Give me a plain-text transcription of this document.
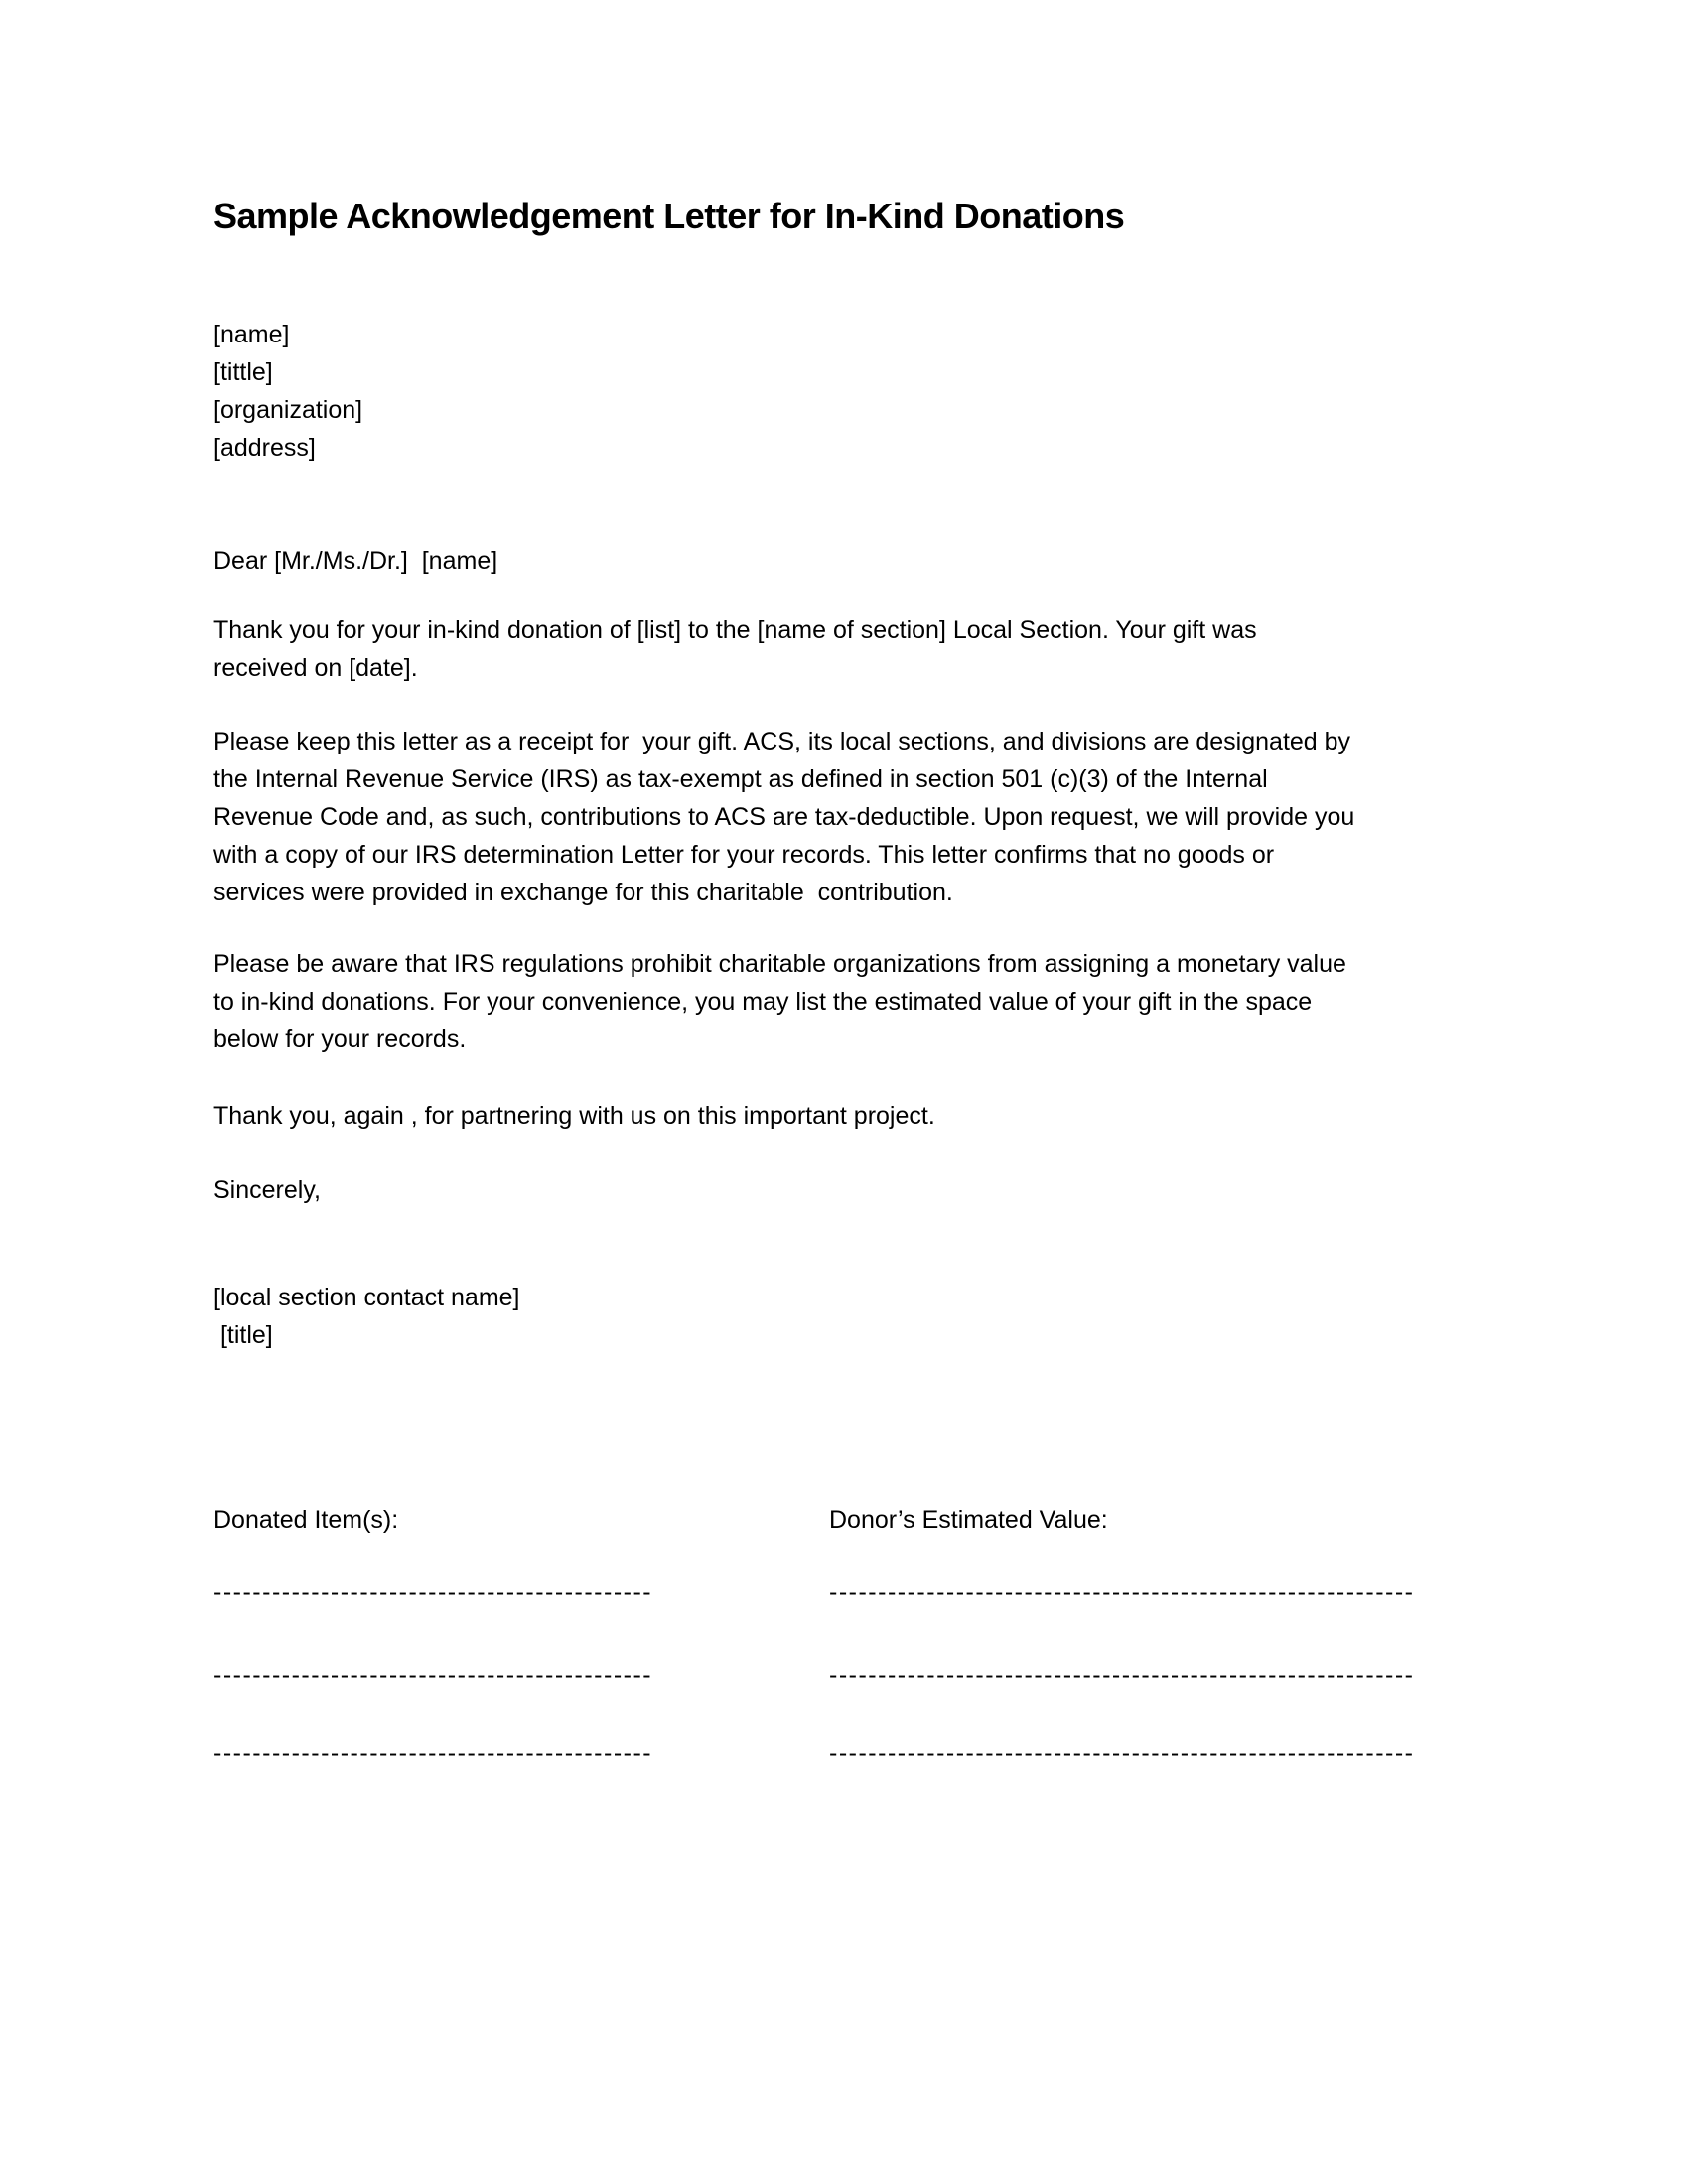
Sample Acknowledgement Letter for In-Kind Donations
[name]
[tittle]
[organization]
[address]
Dear [Mr./Ms./Dr.]  [name]
Thank you for your in-kind donation of [list] to the [name of section] Local Section. Your gift was
received on [date].
Please keep this letter as a receipt for  your gift. ACS, its local sections, and divisions are designated by
the Internal Revenue Service (IRS) as tax-exempt as defined in section 501 (c)(3) of the Internal
Revenue Code and, as such, contributions to ACS are tax-deductible. Upon request, we will provide you
with a copy of our IRS determination Letter for your records. This letter confirms that no goods or
services were provided in exchange for this charitable  contribution.
Please be aware that IRS regulations prohibit charitable organizations from assigning a monetary value
to in-kind donations. For your convenience, you may list the estimated value of your gift in the space
below for your records.
Thank you, again , for partnering with us on this important project.
Sincerely,
[local section contact name]
[title]
Donated Item(s):	Donor’s Estimated Value:
---------------------------------------------	------------------------------------------------------------
---------------------------------------------	------------------------------------------------------------
---------------------------------------------	------------------------------------------------------------
